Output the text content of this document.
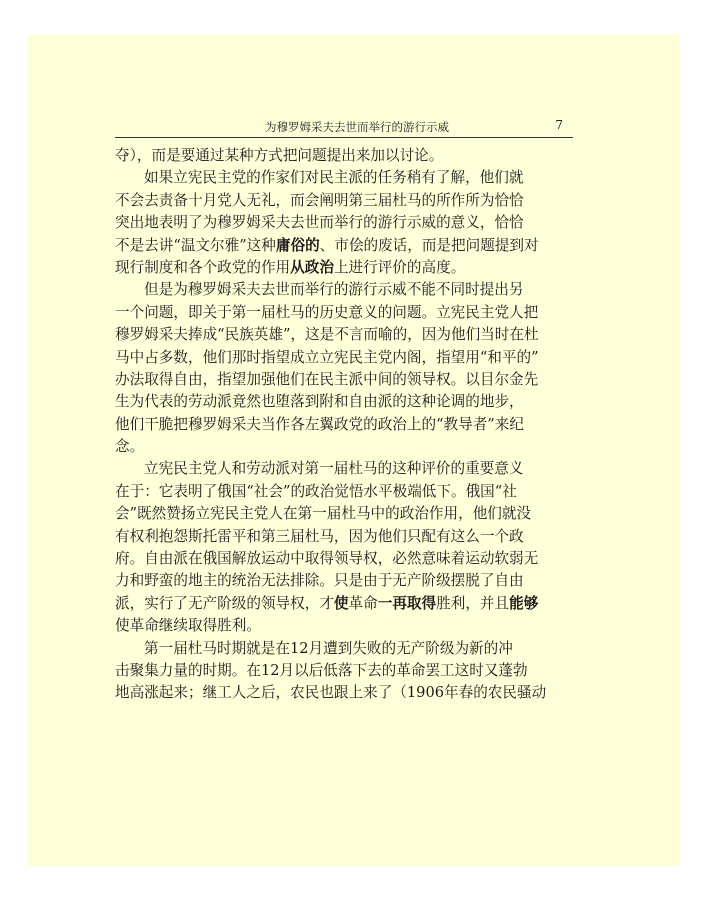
为穆罗姆采夫去世而举行的游行示威	7
夺），而是要通过某种方式把问题提出来加以讨论。
如果立宪民主党的作家们对民主派的任务稍有了解，他们就
不会去责备十月党人无礼，而会阐明第三届杜马的所作所为恰恰
突出地表明了为穆罗姆采夫去世而举行的游行示威的意义，恰恰
不是去讲“温文尔雅”这种庸俗的、市侩的废话，而是把问题提到对
现行制度和各个政党的作用从政治上进行评价的高度。
但是为穆罗姆采夫去世而举行的游行示威不能不同时提出另
一个问题，即关于第一届杜马的历史意义的问题。立宪民主党人把
穆罗姆采夫捧成“民族英雄”，这是不言而喻的，因为他们当时在杜
马中占多数，他们那时指望成立立宪民主党内阁，指望用“和平的”
办法取得自由，指望加强他们在民主派中间的领导权。以目尔金先
生为代表的劳动派竟然也堕落到附和自由派的这种论调的地步，
他们干脆把穆罗姆采夫当作各左翼政党的政治上的“教导者”来纪
念。
立宪民主党人和劳动派对第一届杜马的这种评价的重要意义
在于：它表明了俄国“社会”的政治觉悟水平极端低下。俄国“社
会”既然赞扬立宪民主党人在第一届杜马中的政治作用，他们就没
有权利抱怨斯托雷平和第三届杜马，因为他们只配有这么一个政
府。自由派在俄国解放运动中取得领导权，必然意味着运动软弱无
力和野蛮的地主的统治无法排除。只是由于无产阶级摆脱了自由
派，实行了无产阶级的领导权，才使革命一再取得胜利，并且能够
使革命继续取得胜利。
第一届杜马时期就是在12月遭到失败的无产阶级为新的冲
击聚集力量的时期。在12月以后低落下去的革命罢工这时又蓬勃
地高涨起来；继工人之后，农民也跟上来了（1906年春的农民骚动
